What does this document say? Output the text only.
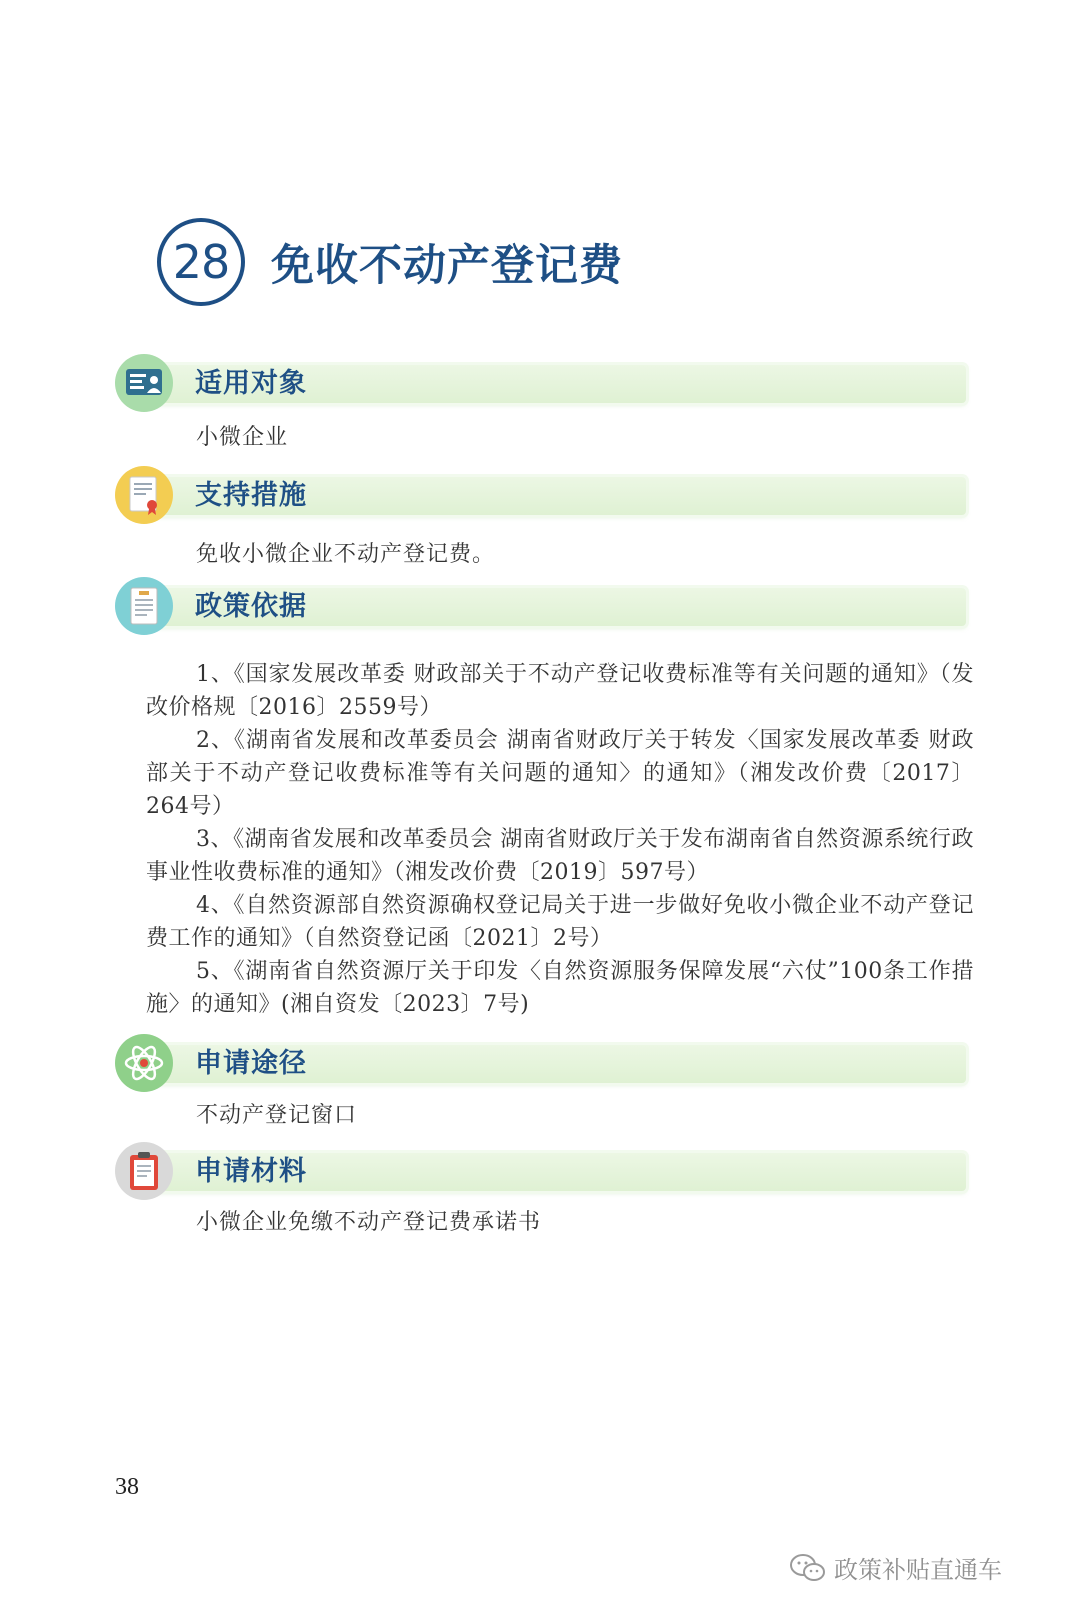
28 免收不动产登记费
适用对象
小微企业
支持措施
免收小微企业不动产登记费。
政策依据

1、《国家发展改革委 财政部关于不动产登记收费标准等有关问题的通知》（发改价格规〔2016〕2559号）

2、《湖南省发展和改革委员会 湖南省财政厅关于转发〈国家发展改革委 财政部关于不动产登记收费标准等有关问题的通知〉的通知》（湘发改价费〔2017〕264号）

3、《湖南省发展和改革委员会 湖南省财政厅关于发布湖南省自然资源系统行政事业性收费标准的通知》（湘发改价费〔2019〕597号）

4、《自然资源部自然资源确权登记局关于进一步做好免收小微企业不动产登记费工作的通知》（自然资登记函〔2021〕2号）

5、《湖南省自然资源厅关于印发〈自然资源服务保障发展“六仗”100条工作措施〉的通知》(湘自资发〔2023〕7号)

申请途径
不动产登记窗口
申请材料
小微企业免缴不动产登记费承诺书
38
政策补贴直通车
